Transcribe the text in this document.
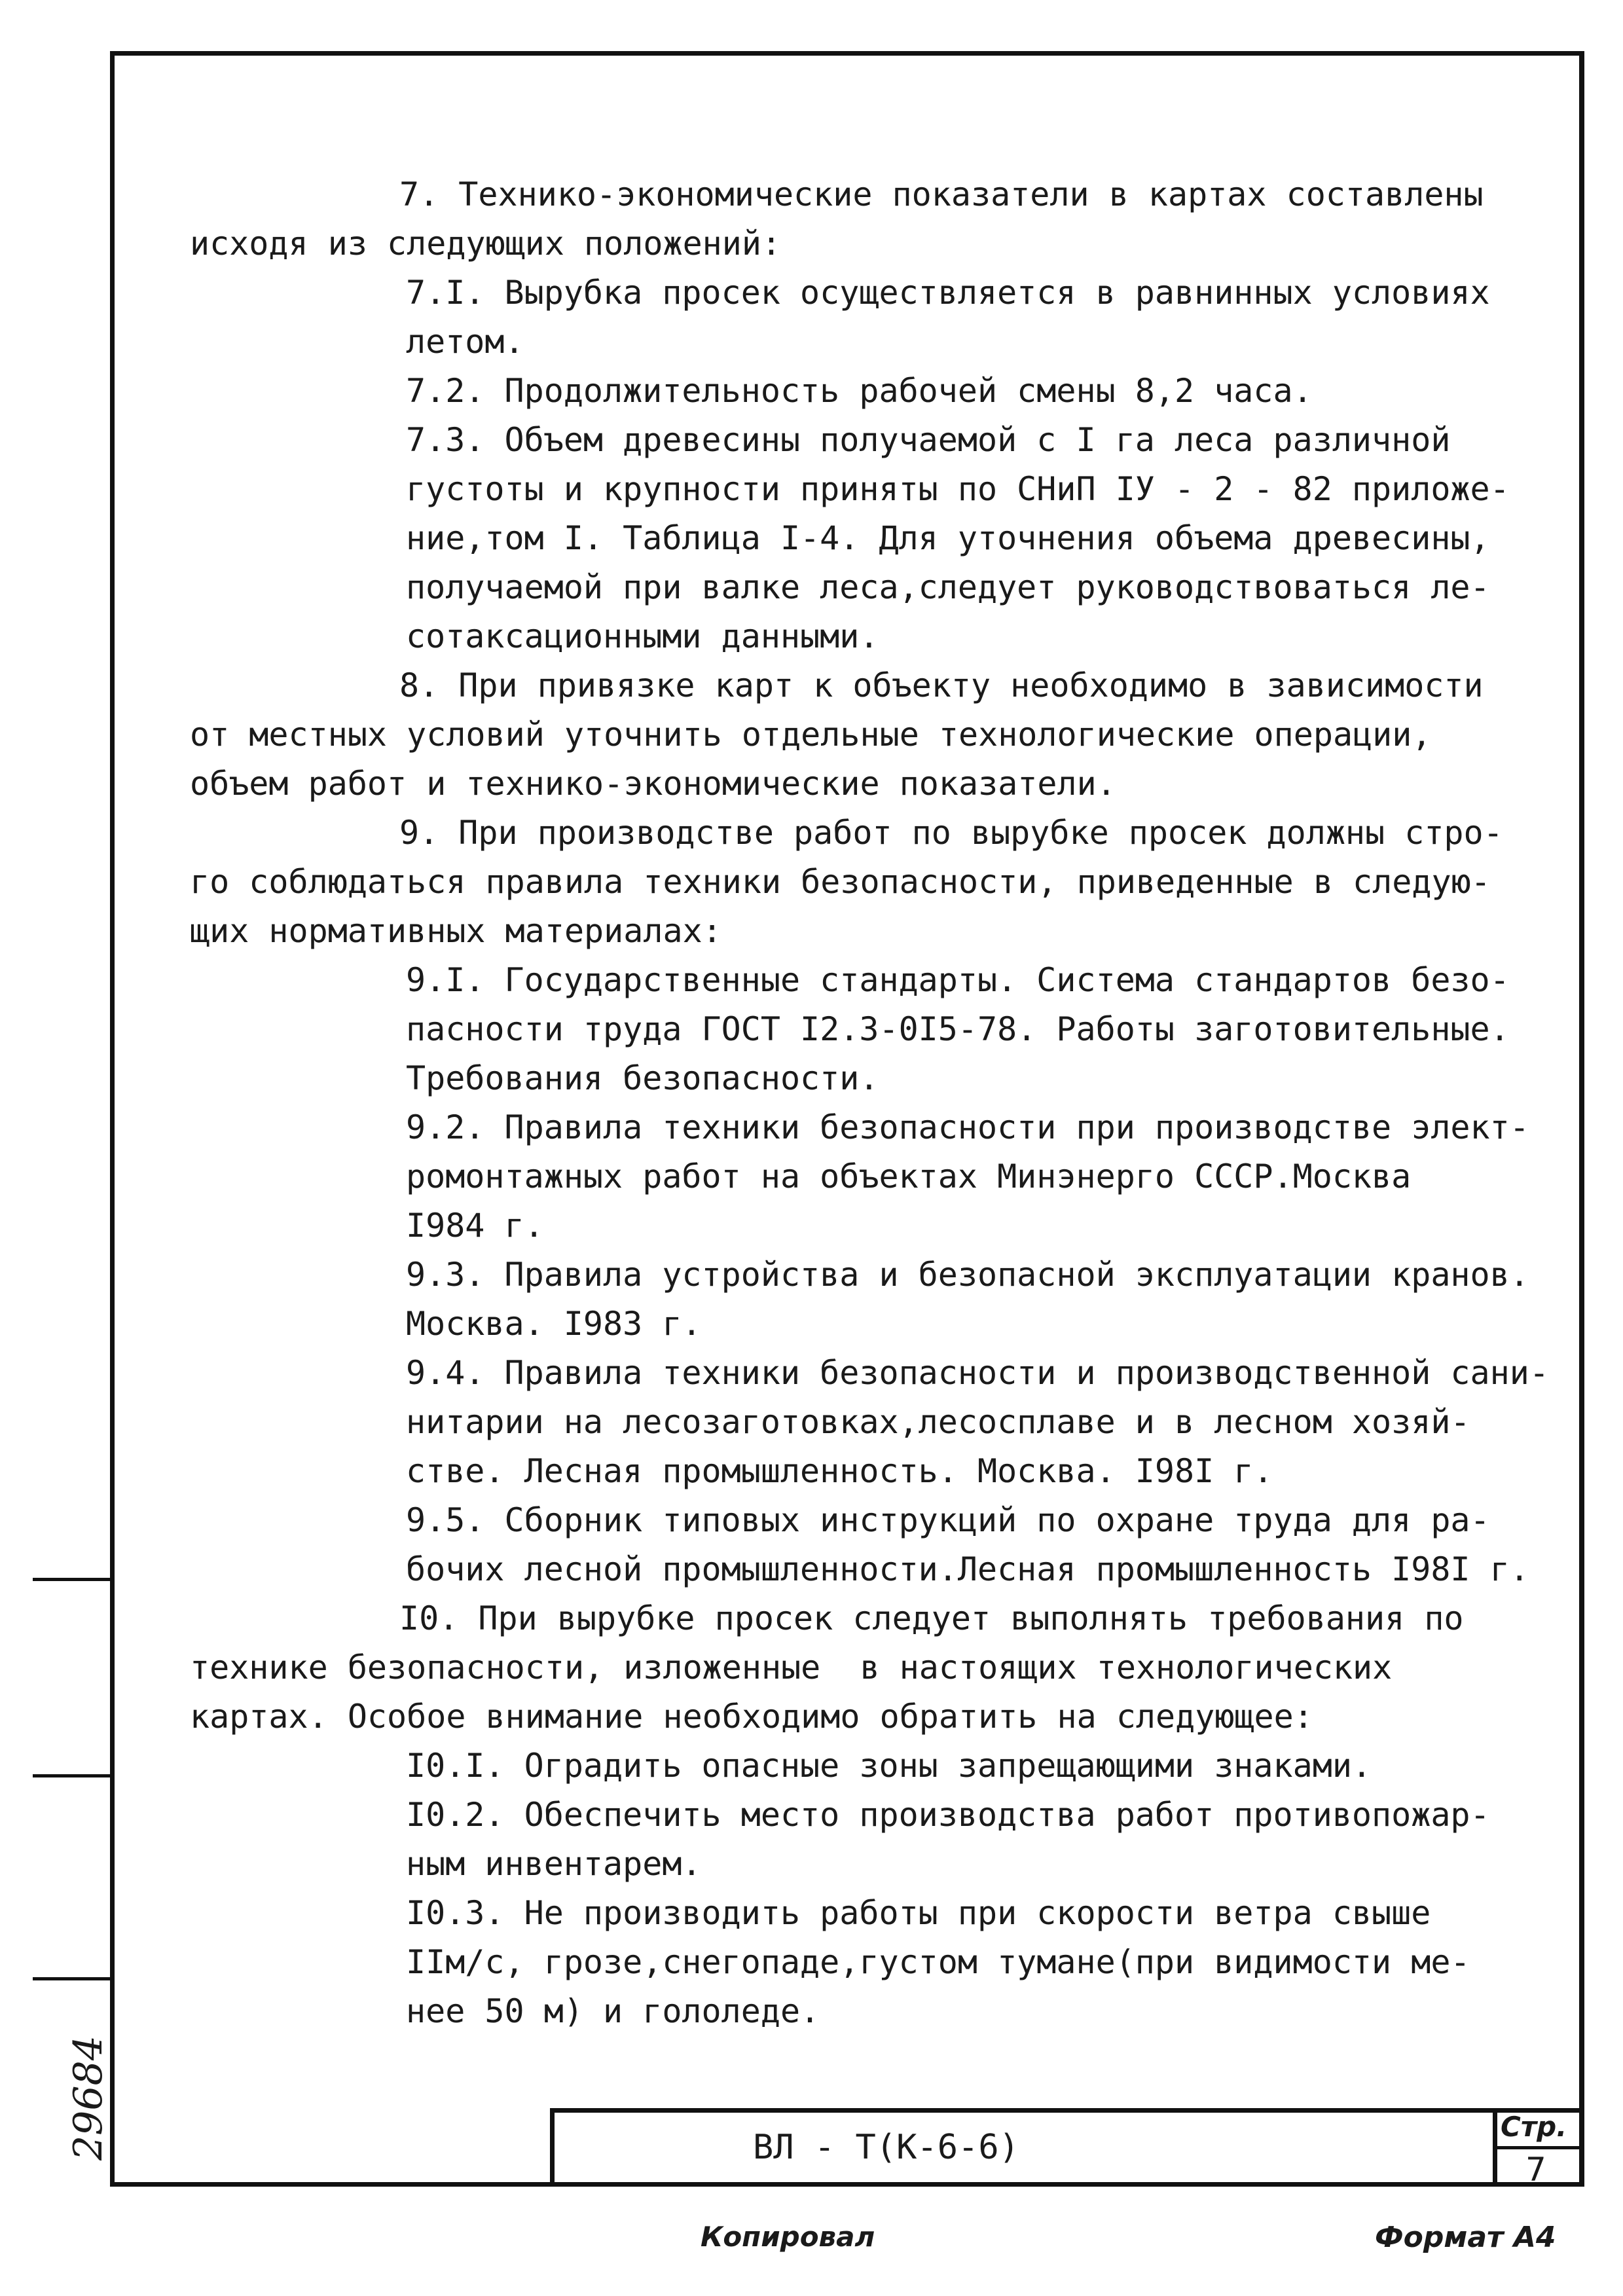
7. Технико-экономические показатели в картах составлены

исходя из следующих положений:

7.I. Вырубка просек осуществляется в равнинных условиях

летом.

7.2. Продолжительность рабочей смены 8,2 часа.

7.3. Объем древесины получаемой с I га леса различной

густоты и крупности приняты по СНиП IУ - 2 - 82 приложе-

ние,том I. Таблица I-4. Для уточнения объема древесины,

получаемой при валке леса,следует руководствоваться ле-

сотаксационными данными.

8. При привязке карт к объекту необходимо в зависимости

от местных условий уточнить отдельные технологические операции,

объем работ и технико-экономические показатели.

9. При производстве работ по вырубке просек должны стро-

го соблюдаться правила техники безопасности, приведенные в следую-

щих нормативных материалах:

9.I. Государственные стандарты. Система стандартов безо-

пасности труда ГОСТ I2.3-0I5-78. Работы заготовительные.

Требования безопасности.

9.2. Правила техники безопасности при производстве элект-

ромонтажных работ на объектах Минэнерго СССР.Москва

I984 г.

9.3. Правила устройства и безопасной эксплуатации кранов.

Москва. I983 г.

9.4. Правила техники безопасности и производственной сани-

нитарии на лесозаготовках,лесосплаве и в лесном хозяй-

стве. Лесная промышленность. Москва. I98I г.

9.5. Сборник типовых инструкций по охране труда для ра-

бочих лесной промышленности.Лесная промышленность I98I г.

I0. При вырубке просек следует выполнять требования по

технике безопасности, изложенные  в настоящих технологических

картах. Особое внимание необходимо обратить на следующее:

I0.I. Оградить опасные зоны запрещающими знаками.

I0.2. Обеспечить место производства работ противопожар-

ным инвентарем.

I0.3. Не производить работы при скорости ветра свыше

IIм/с, грозе,снегопаде,густом тумане(при видимости ме-

нее 50 м) и гололеде.

29684	ВЛ - Т(К-6-6)
Стр.
7
Копировал	Формат А4
